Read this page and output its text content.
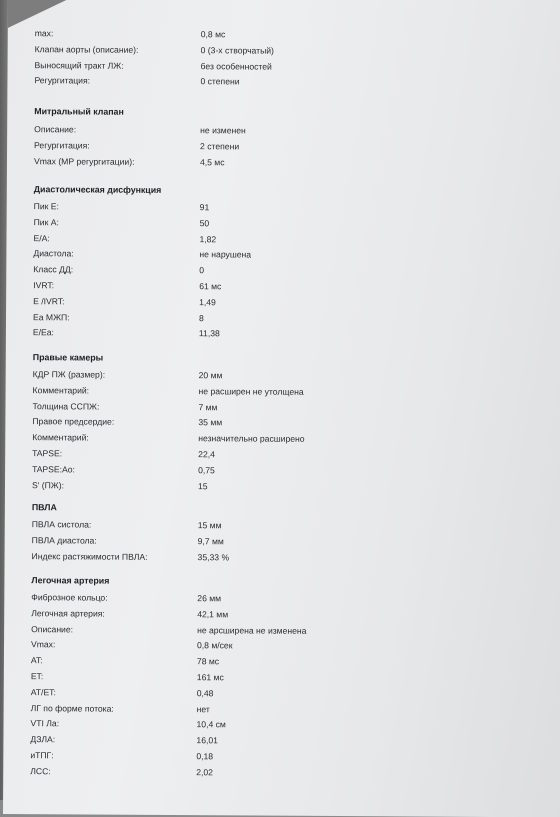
max:	0,8 мс
Клапан аорты (описание):	0 (3-х створчатый)
Выносящий тракт ЛЖ:	без особенностей
Регургитация:	0 степени
Митральный клапан
Описание:	не изменен
Регургитация:	2 степени
Vmax (МР регургитации):	4,5 мс
Диастолическая дисфункция
Пик Е:	91
Пик А:	50
Е/А:	1,82
Диастола:	не нарушена
Класс ДД:	0
IVRT:	61 мс
E /IVRT:	1,49
Еа МЖП:	8
Е/Еа:	11,38
Правые камеры
КДР ПЖ (размер):	20 мм
Комментарий:	не расширен не утолщена
Толщина ССПЖ:	7 мм
Правое предсердие:	35 мм
Комментарий:	незначительно расширено
TAPSE:	22,4
TAPSE:Ao:	0,75
S' (ПЖ):	15
ПВЛА
ПВЛА систола:	15 мм
ПВЛА диастола:	9,7 мм
Индекс растяжимости ПВЛА:	35,33 %
Легочная артерия
Фиброзное кольцо:	26 мм
Легочная артерия:	42,1 мм
Описание:	не арсширена не изменена
Vmax:	0,8 м/сек
AT:	78 мс
ET:	161 мс
AT/ET:	0,48
ЛГ по форме потока:	нет
VTI Ла:	10,4 см
ДЗЛА:	16,01
иТПГ:	0,18
ЛСС:	2,02
